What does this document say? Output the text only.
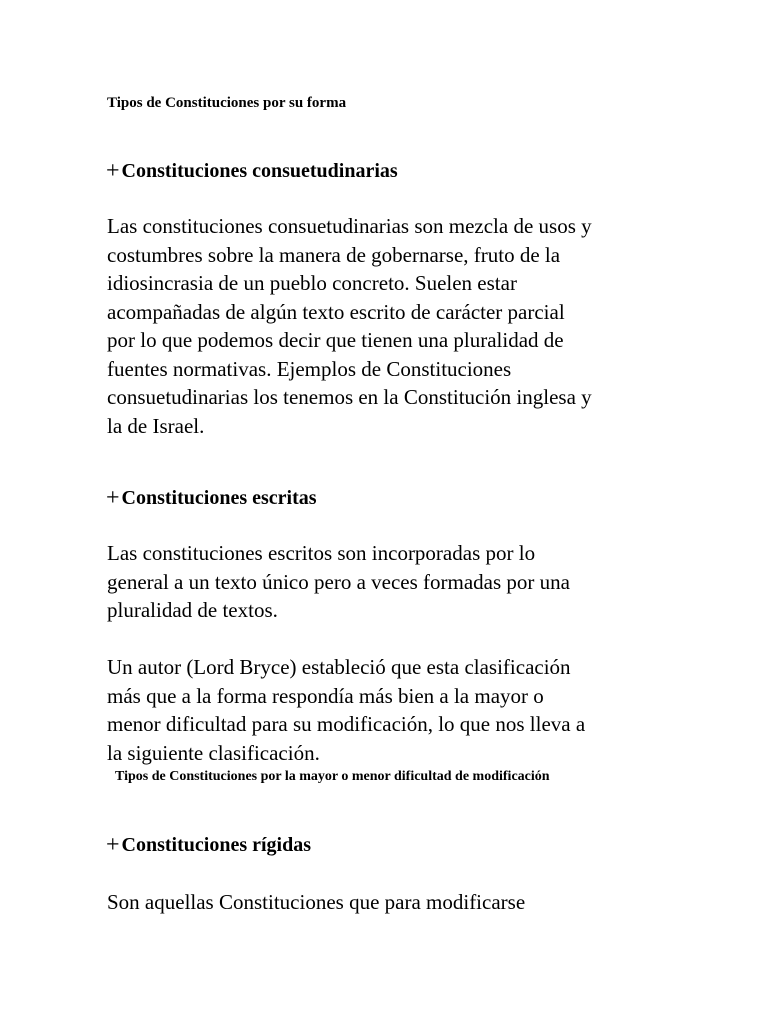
Tipos de Constituciones por su forma

+ Constituciones consuetudinarias

Las constituciones consuetudinarias son mezcla de usos y
costumbres sobre la manera de gobernarse, fruto de la
idiosincrasia de un pueblo concreto. Suelen estar
acompañadas de algún texto escrito de carácter parcial
por lo que podemos decir que tienen una pluralidad de
fuentes normativas. Ejemplos de Constituciones
consuetudinarias los tenemos en la Constitución inglesa y
la de Israel.

+ Constituciones escritas

Las constituciones escritos son incorporadas por lo
general a un texto único pero a veces formadas por una
pluralidad de textos.

Un autor (Lord Bryce) estableció que esta clasificación
más que a la forma respondía más bien a la mayor o
menor dificultad para su modificación, lo que nos lleva a
la siguiente clasificación.

Tipos de Constituciones por la mayor o menor dificultad de modificación

+ Constituciones rígidas

Son aquellas Constituciones que para modificarse
